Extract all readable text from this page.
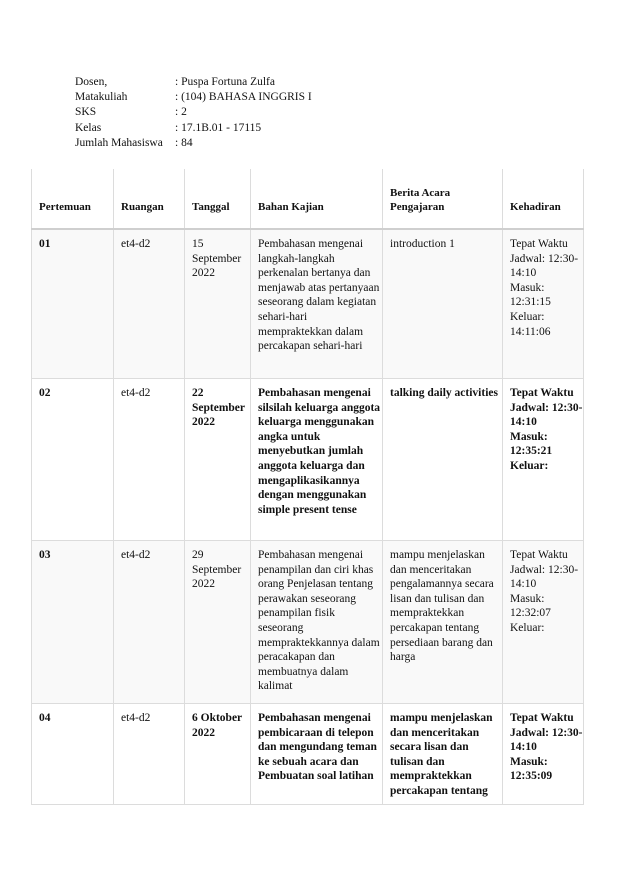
Dosen,	: Puspa Fortuna Zulfa
Matakuliah	: (104) BAHASA INGGRIS I
SKS	: 2
Kelas	: 17.1B.01 - 17115
Jumlah Mahasiswa	: 84
Pertemuan	Ruangan	Tanggal	Bahan Kajian	Berita Acara Pengajaran	Kehadiran
01	et4-d2	15 September 2022	Pembahasan mengenai langkah-langkah perkenalan bertanya dan menjawab atas pertanyaan seseorang dalam kegiatan sehari-hari mempraktekkan dalam percakapan sehari-hari	introduction 1	Tepat Waktu
Jadwal: 12:30-14:10
Masuk: 12:31:15
Keluar: 14:11:06

02	et4-d2	22 September 2022	Pembahasan mengenai silsilah keluarga anggota keluarga menggunakan angka untuk menyebutkan jumlah anggota keluarga dan mengaplikasikannya dengan menggunakan simple present tense	talking daily activities	Tepat Waktu
Jadwal: 12:30-14:10
Masuk: 12:35:21
Keluar:

03	et4-d2	29 September 2022	Pembahasan mengenai penampilan dan ciri khas orang Penjelasan tentang perawakan seseorang penampilan fisik seseorang mempraktekkannya dalam peracakapan dan membuatnya dalam kalimat	mampu menjelaskan dan menceritakan pengalamannya secara lisan dan tulisan dan mempraktekkan percakapan tentang persediaan barang dan harga	Tepat Waktu
Jadwal: 12:30-14:10
Masuk: 12:32:07
Keluar:

04	et4-d2	6 Oktober 2022	Pembahasan mengenai pembicaraan di telepon dan mengundang teman ke sebuah acara dan Pembuatan soal latihan	mampu menjelaskan dan menceritakan secara lisan dan tulisan dan mempraktekkan percakapan tentang	Tepat Waktu
Jadwal: 12:30-14:10
Masuk: 12:35:09
